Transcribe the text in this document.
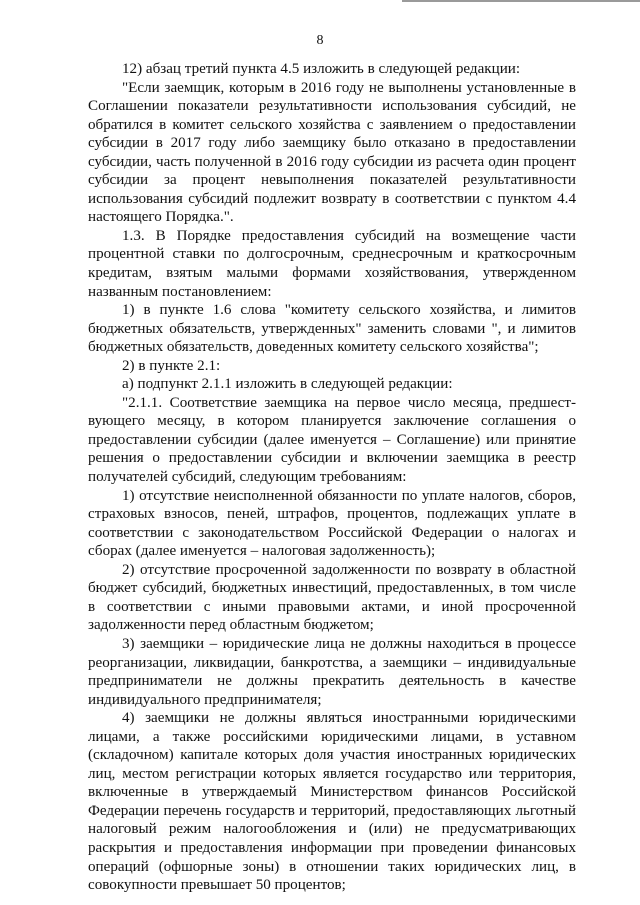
8

12) абзац третий пункта 4.5 изложить в следующей редакции:

"Если заемщик, которым в 2016 году не выполнены установленные в Соглашении показатели результативности использования субсидий, не обратился в комитет сельского хозяйства с заявлением о предоставлении субсидии в 2017 году либо заемщику было отказано в предоставлении субсидии, часть полученной в 2016 году субсидии из расчета один процент субсидии за процент невыполнения показателей результативности использования субсидий подлежит возврату в соответствии с пунктом 4.4 настоящего Порядка.".

1.3. В Порядке предоставления субсидий на возмещение части процентной ставки по долгосрочным, среднесрочным и краткосрочным кредитам, взятым малыми формами хозяйствования, утвержденном названным постановлением:

1) в пункте 1.6 слова "комитету сельского хозяйства, и лимитов бюджетных обязательств, утвержденных" заменить словами ", и лимитов бюджетных обязательств, доведенных комитету сельского хозяйства";

2) в пункте 2.1:

а) подпункт 2.1.1 изложить в следующей редакции:

"2.1.1. Соответствие заемщика на первое число месяца, предшествующего месяцу, в котором планируется заключение соглашения о предоставлении субсидии (далее именуется – Соглашение) или принятие решения о предоставлении субсидии и включении заемщика в реестр получателей субсидий, следующим требованиям:

1) отсутствие неисполненной обязанности по уплате налогов, сборов, страховых взносов, пеней, штрафов, процентов, подлежащих уплате в соответствии с законодательством Российской Федерации о налогах и сборах (далее именуется – налоговая задолженность);

2) отсутствие просроченной задолженности по возврату в областной бюджет субсидий, бюджетных инвестиций, предоставленных, в том числе в соответствии с иными правовыми актами, и иной просроченной задолженности перед областным бюджетом;

3) заемщики – юридические лица не должны находиться в процессе реорганизации, ликвидации, банкротства, а заемщики – индивидуальные предприниматели не должны прекратить деятельность в качестве индивидуального предпринимателя;

4) заемщики не должны являться иностранными юридическими лицами, а также российскими юридическими лицами, в уставном (складочном) капитале которых доля участия иностранных юридических лиц, местом регистрации которых является государство или территория, включенные в утверждаемый Министерством финансов Российской Федерации перечень государств и территорий, предоставляющих льготный налоговый режим налогообложения и (или) не предусматривающих раскрытия и предоставления информации при проведении финансовых операций (офшорные зоны) в отношении таких юридических лиц, в совокупности превышает 50 процентов;
